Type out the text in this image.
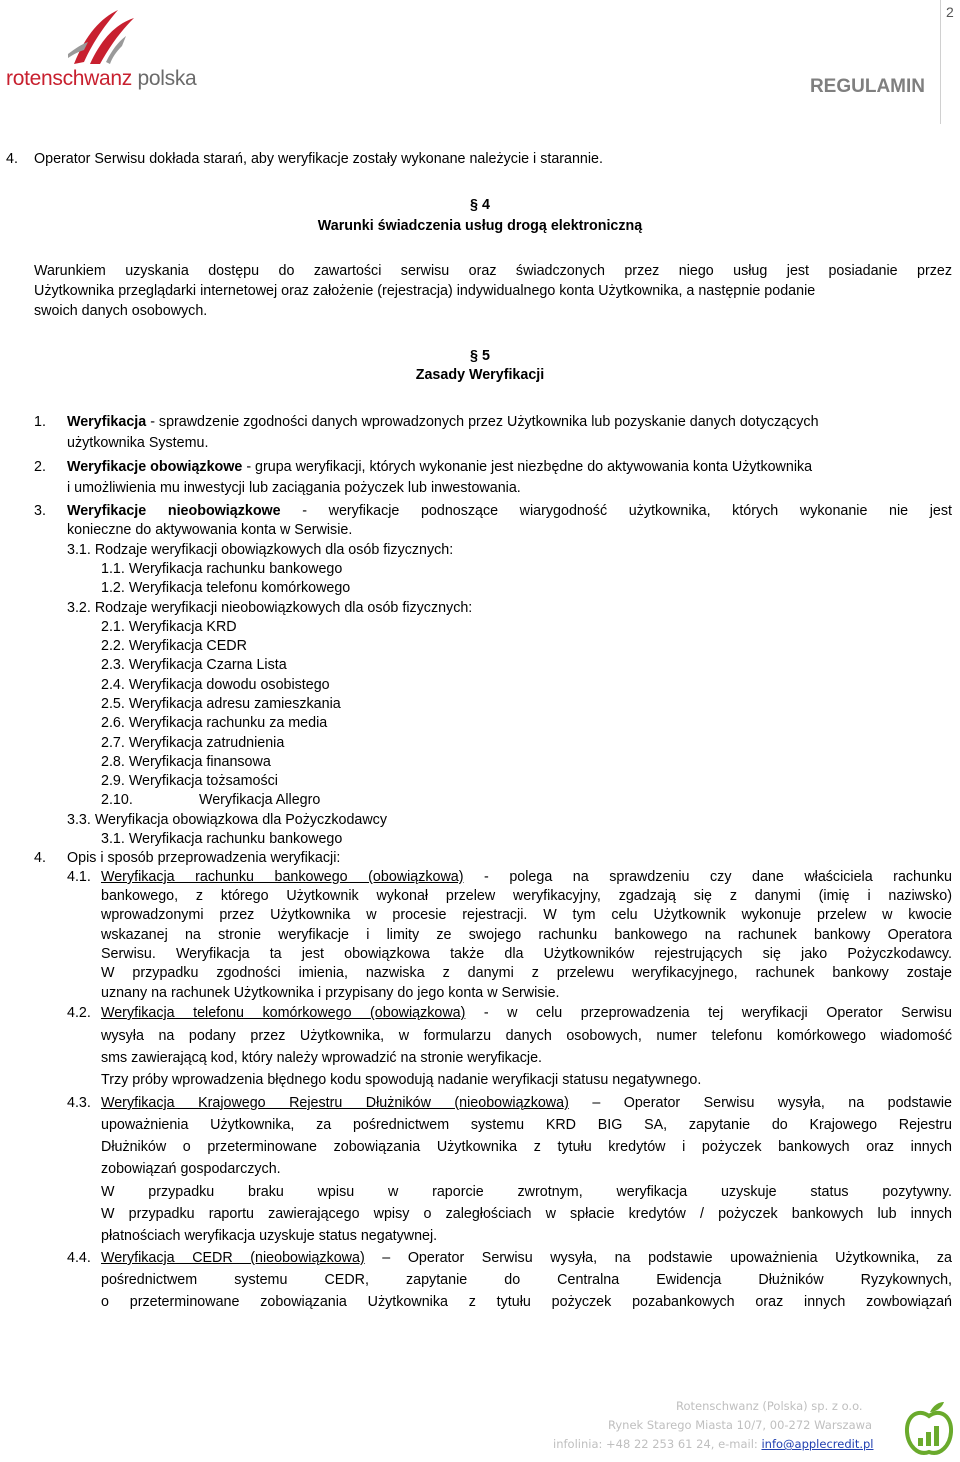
rotenschwanz polska
2
REGULAMIN
4. Operator Serwisu dokłada starań, aby weryfikacje zostały wykonane należycie i starannie.
§ 4
Warunki świadczenia usług drogą elektroniczną
Warunkiem uzyskania dostępu do zawartości serwisu oraz świadczonych przez niego usług jest posiadanie przez
Użytkownika przeglądarki internetowej oraz założenie (rejestracja) indywidualnego konta Użytkownika, a następnie podanie
swoich danych osobowych.
§ 5
Zasady Weryfikacji
1. Weryfikacja - sprawdzenie zgodności danych wprowadzonych przez Użytkownika lub pozyskanie danych dotyczących
użytkownika Systemu.
2. Weryfikacje obowiązkowe - grupa weryfikacji, których wykonanie jest niezbędne do aktywowania konta Użytkownika
i umożliwienia mu inwestycji lub zaciągania pożyczek lub inwestowania.
3. Weryfikacje nieobowiązkowe - weryfikacje podnoszące wiarygodność użytkownika, których wykonanie nie jest
konieczne do aktywowania konta w Serwisie.
3.1. Rodzaje weryfikacji obowiązkowych dla osób fizycznych:
1.1. Weryfikacja rachunku bankowego
1.2. Weryfikacja telefonu komórkowego
3.2. Rodzaje weryfikacji nieobowiązkowych dla osób fizycznych:
2.1. Weryfikacja KRD
2.2. Weryfikacja CEDR
2.3. Weryfikacja Czarna Lista
2.4. Weryfikacja dowodu osobistego
2.5. Weryfikacja adresu zamieszkania
2.6. Weryfikacja rachunku za media
2.7. Weryfikacja zatrudnienia
2.8. Weryfikacja finansowa
2.9. Weryfikacja tożsamości
2.10.	Weryfikacja Allegro
3.3. Weryfikacja obowiązkowa dla Pożyczkodawcy
3.1. Weryfikacja rachunku bankowego
4. Opis i sposób przeprowadzenia weryfikacji:
4.1. Weryfikacja rachunku bankowego (obowiązkowa) - polega na sprawdzeniu czy dane właściciela rachunku
bankowego, z którego Użytkownik wykonał przelew weryfikacyjny, zgadzają się z danymi (imię i naziwsko)
wprowadzonymi przez Użytkownika w procesie rejestracji. W tym celu Użytkownik wykonuje przelew w kwocie
wskazanej na stronie weryfikacje i limity ze swojego rachunku bankowego na rachunek bankowy Operatora
Serwisu. Weryfikacja ta jest obowiązkowa także dla Użytkowników rejestrujących się jako Pożyczkodawcy.
W przypadku zgodności imienia, nazwiska z danymi z przelewu weryfikacyjnego, rachunek bankowy zostaje
uznany na rachunek Użytkownika i przypisany do jego konta w Serwisie.
4.2. Weryfikacja telefonu komórkowego (obowiązkowa) - w celu przeprowadzenia tej weryfikacji Operator Serwisu
wysyła na podany przez Użytkownika, w formularzu danych osobowych, numer telefonu komórkowego wiadomość
sms zawierającą kod, który należy wprowadzić na stronie weryfikacje.
Trzy próby wprowadzenia błędnego kodu spowodują nadanie weryfikacji statusu negatywnego.
4.3. Weryfikacja Krajowego Rejestru Dłużników (nieobowiązkowa) – Operator Serwisu wysyła, na podstawie
upoważnienia Użytkownika, za pośrednictwem systemu KRD BIG SA, zapytanie do Krajowego Rejestru
Dłużników o przeterminowane zobowiązania Użytkownika z tytułu kredytów i pożyczek bankowych oraz innych
zobowiązań gospodarczych.
W przypadku braku wpisu w raporcie zwrotnym, weryfikacja uzyskuje status pozytywny.
W przypadku raportu zawierającego wpisy o zaległościach w spłacie kredytów / pożyczek bankowych lub innych
płatnościach weryfikacja uzyskuje status negatywnej.
4.4. Weryfikacja CEDR (nieobowiązkowa) – Operator Serwisu wysyła, na podstawie upoważnienia Użytkownika, za
pośrednictwem systemu CEDR, zapytanie do Centralna Ewidencja Dłużników Ryzykownych,
o przeterminowane zobowiązania Użytkownika z tytułu pożyczek pozabankowych oraz innych zowbowiązań
Rotenschwanz (Polska) sp. z o.o.
Rynek Starego Miasta 10/7, 00-272 Warszawa
infolinia: +48 22 253 61 24, e-mail: info@applecredit.pl
